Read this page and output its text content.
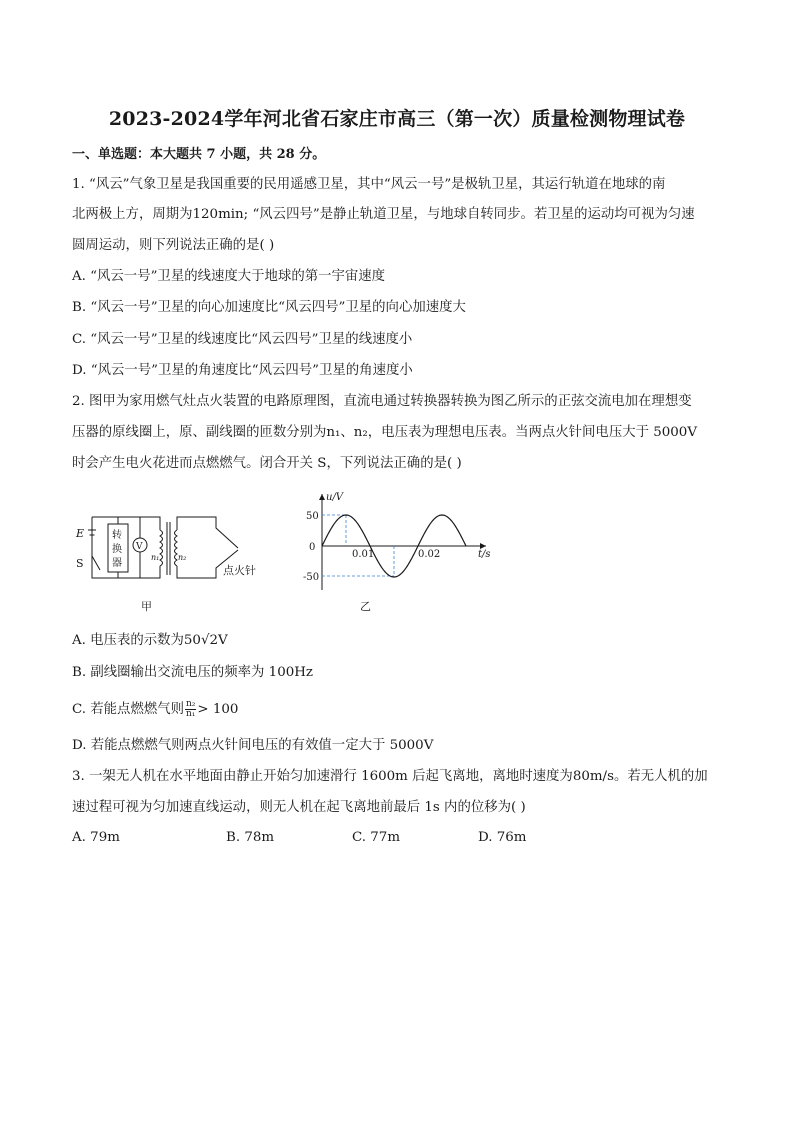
2023-2024学年河北省石家庄市高三（第一次）质量检测物理试卷
一、单选题：本大题共 7 小题，共 28 分。
1. “风云”气象卫星是我国重要的民用遥感卫星，其中“风云一号”是极轨卫星，其运行轨道在地球的南
北两极上方，周期为120min; “风云四号”是静止轨道卫星，与地球自转同步。若卫星的运动均可视为匀速
圆周运动，则下列说法正确的是( )
A. “风云一号”卫星的线速度大于地球的第一宇宙速度
B. “风云一号”卫星的向心加速度比“风云四号”卫星的向心加速度大
C. “风云一号”卫星的线速度比“风云四号”卫星的线速度小
D. “风云一号”卫星的角速度比“风云四号”卫星的角速度小
2. 图甲为家用燃气灶点火装置的电路原理图，直流电通过转换器转换为图乙所示的正弦交流电加在理想变
压器的原线圈上，原、副线圈的匝数分别为n₁、n₂，电压表为理想电压表。当两点火针间电压大于 5000V
时会产生电火花进而点燃燃气。闭合开关 S，下列说法正确的是( )
E
S
转
换
器
V
n₁ n₂
点火针
甲
u/V
t/s
50
0
-50
0.01	0.02
乙
A. 电压表的示数为50√2V
B. 副线圈输出交流电压的频率为 100Hz
C. 若能点燃燃气则 $\frac{\text{n₂}}{\text{n₁}} > 100$
D. 若能点燃燃气则两点火针间电压的有效值一定大于 5000V
3. 一架无人机在水平地面由静止开始匀加速滑行 1600m 后起飞离地，离地时速度为80m/s。若无人机的加
速过程可视为匀加速直线运动，则无人机在起飞离地前最后 1s 内的位移为( )
A. 79m	B. 78m	C. 77m	D. 76m
